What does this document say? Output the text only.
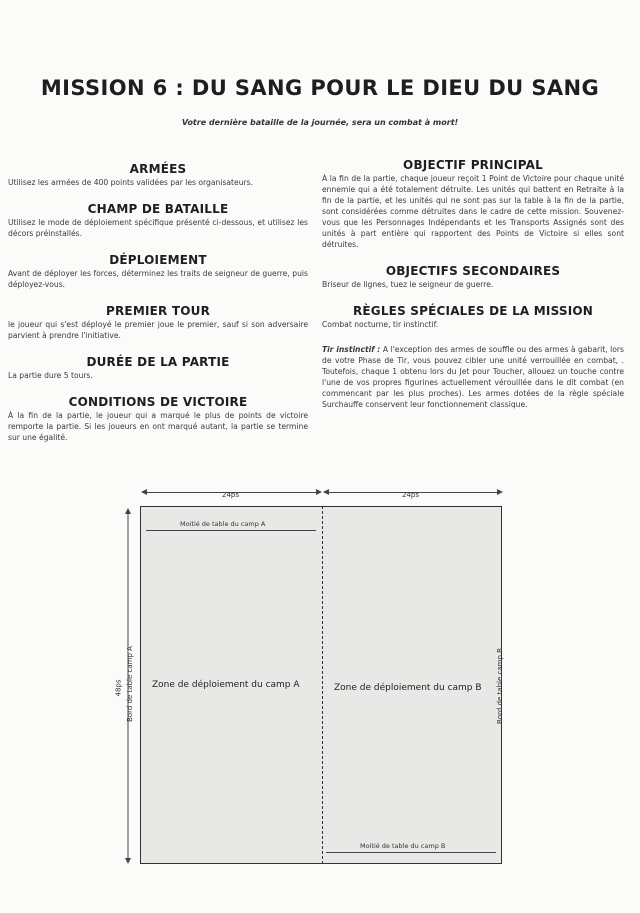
MISSION 6 : DU SANG POUR LE DIEU DU SANG
Votre dernière bataille de la journée, sera un combat à mort!
ARMÉES

Utilisez les armées de 400 points validées par les organisateurs.

CHAMP DE BATAILLE

Utilisez le mode de déploiement spécifique présenté ci-dessous, et utilisez les décors préinstallés.

DÉPLOIEMENT

Avant de déployer les forces, déterminez les traits de seigneur de guerre, puis déployez-vous.

PREMIER TOUR

le joueur qui s'est déployé le premier joue le premier, sauf si son adversaire parvient à prendre l'initiative.

DURÉE DE LA PARTIE

La partie dure 5 tours.

CONDITIONS DE VICTOIRE

À la fin de la partie, le joueur qui a marqué le plus de points de victoire remporte la partie. Si les joueurs en ont marqué autant, la partie se termine sur une égalité.

OBJECTIF PRINCIPAL

À la fin de la partie, chaque joueur reçoit 1 Point de Victoire pour chaque unité ennemie qui a été totalement détruite. Les unités qui battent en Retraite à la fin de la partie, et les unités qui ne sont pas sur la table à la fin de la partie, sont considérées comme détruites dans le cadre de cette mission. Souvenez-vous que les Personnages Indépendants et les Transports Assignés sont des unités à part entière qui rapportent des Points de Victoire si elles sont détruites.

OBJECTIFS SECONDAIRES

Briseur de lignes, tuez le seigneur de guerre.

RÈGLES SPÉCIALES DE LA MISSION

Combat nocturne, tir instinctif.

Tir instinctif : A l'exception des armes de souffle ou des armes à gabarit, lors de votre Phase de Tir, vous pouvez cibler une unité verrouillée en combat, . Toutefois, chaque 1 obtenu lors du Jet pour Toucher, allouez un touche contre l'une de vos propres figurines actuellement vérouillée dans le dit combat (en commencant par les plus proches). Les armes dotées de la règle spéciale Surchauffe conservent leur fonctionnement classique.

24ps	24ps
48ps
Moitié de table du camp A
Moitié de table du camp B
Zone de déploiement du camp A	Zone de déploiement du camp B
Bord de table camp A	Bord de table camp B
